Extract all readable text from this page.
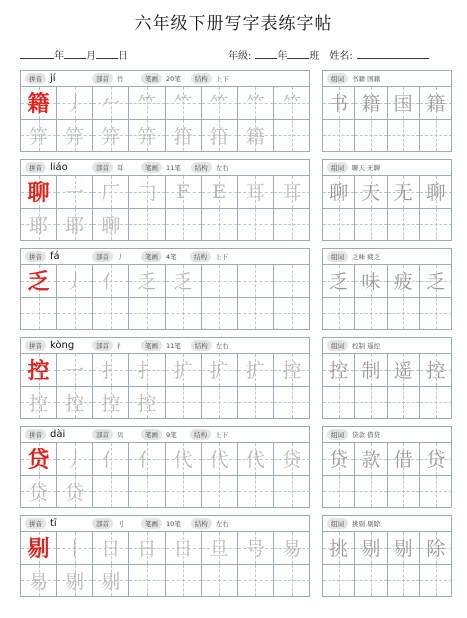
六年级下册写字表练字帖
年 月 日	年级:	年 班 姓名:
拼音 jí	部首	竹	笔画	20笔	结构	上下
籍 丿 𠂉 ⺮ ⺮ ⺮ ⺮ ⺮
笄 笄 笄 笄 箝 箝 籍
组词	书籍 国籍
书 籍 国 籍
拼音 liáo	部首	耳	笔画	11笔	结构	左右
聊 一 厂 𠃌	F	E	耳 耳
耶 耶 聊
组词	聊天 无聊
聊 天 无 聊
拼音 fá	部首	丿	笔画	4笔	结构	上下
乏 丿 亻 乏 乏
组词	乏味 疲乏
乏 味 疲 乏
拼音 kòng	部首	扌	笔画	11笔	结构	左右
控 一 扌 扌 扩 扩 扩 控
控 控 控 控
组词	控制 遥控
控 制 遥 控
拼音 dài	部首	贝	笔画	9笔	结构	上下
贷 丿 亻 亻 代 代 代 贷
贷 贷
组词	贷款 借贷
贷 款 借 贷
拼音 tī	部首	刂	笔画	10笔	结构	左右
剔 丨 日 日 日 旦 号 易
易 剔 剔
组词	挑剔 剔除
挑 剔 剔 除
